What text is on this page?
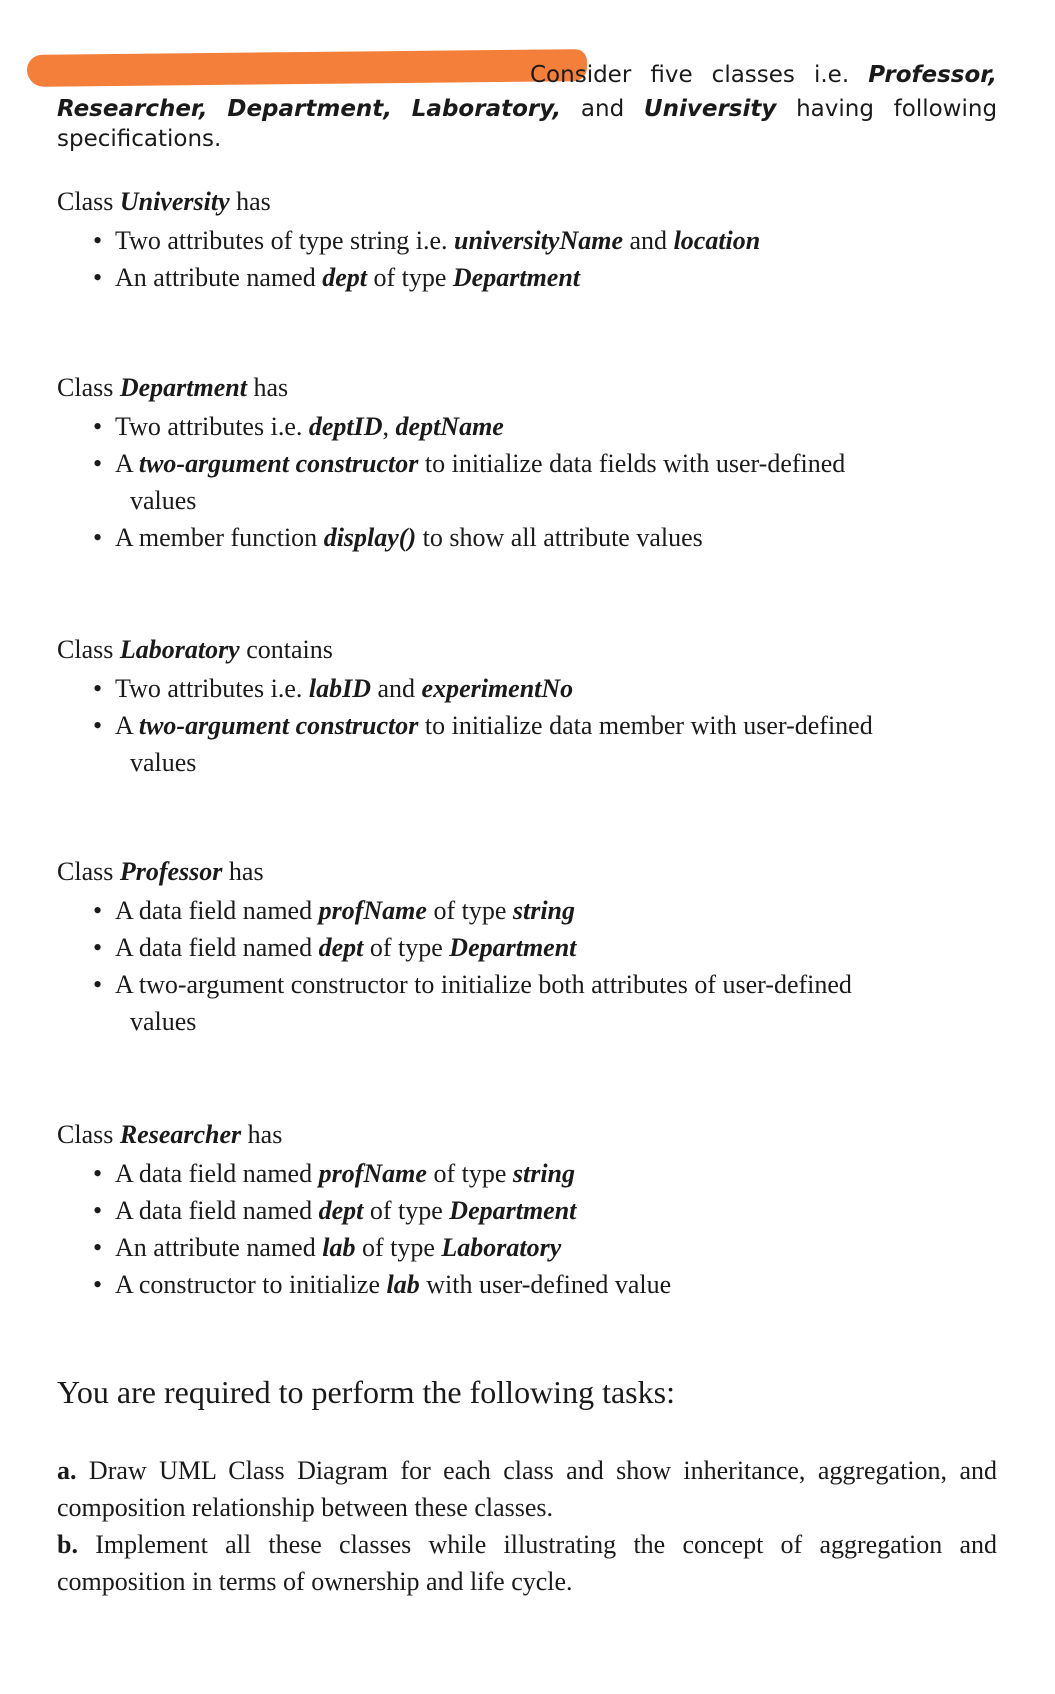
Consider five classes i.e. Professor, Researcher, Department, Laboratory, and University having following
specifications.
Class University has
• Two attributes of type string i.e. universityName and location
• An attribute named dept of type Department
Class Department has
• Two attributes i.e. deptID, deptName
• A two-argument constructor to initialize data fields with user-defined
values
• A member function display() to show all attribute values
Class Laboratory contains
• Two attributes i.e. labID and experimentNo
• A two-argument constructor to initialize data member with user-defined
values
Class Professor has
• A data field named profName of type string
• A data field named dept of type Department
• A two-argument constructor to initialize both attributes of user-defined
values
Class Researcher has
• A data field named profName of type string
• A data field named dept of type Department
• An attribute named lab of type Laboratory
• A constructor to initialize lab with user-defined value
You are required to perform the following tasks:
a. Draw UML Class Diagram for each class and show inheritance, aggregation, and composition relationship between these classes.
b. Implement all these classes while illustrating the concept of aggregation and composition in terms of ownership and life cycle.
